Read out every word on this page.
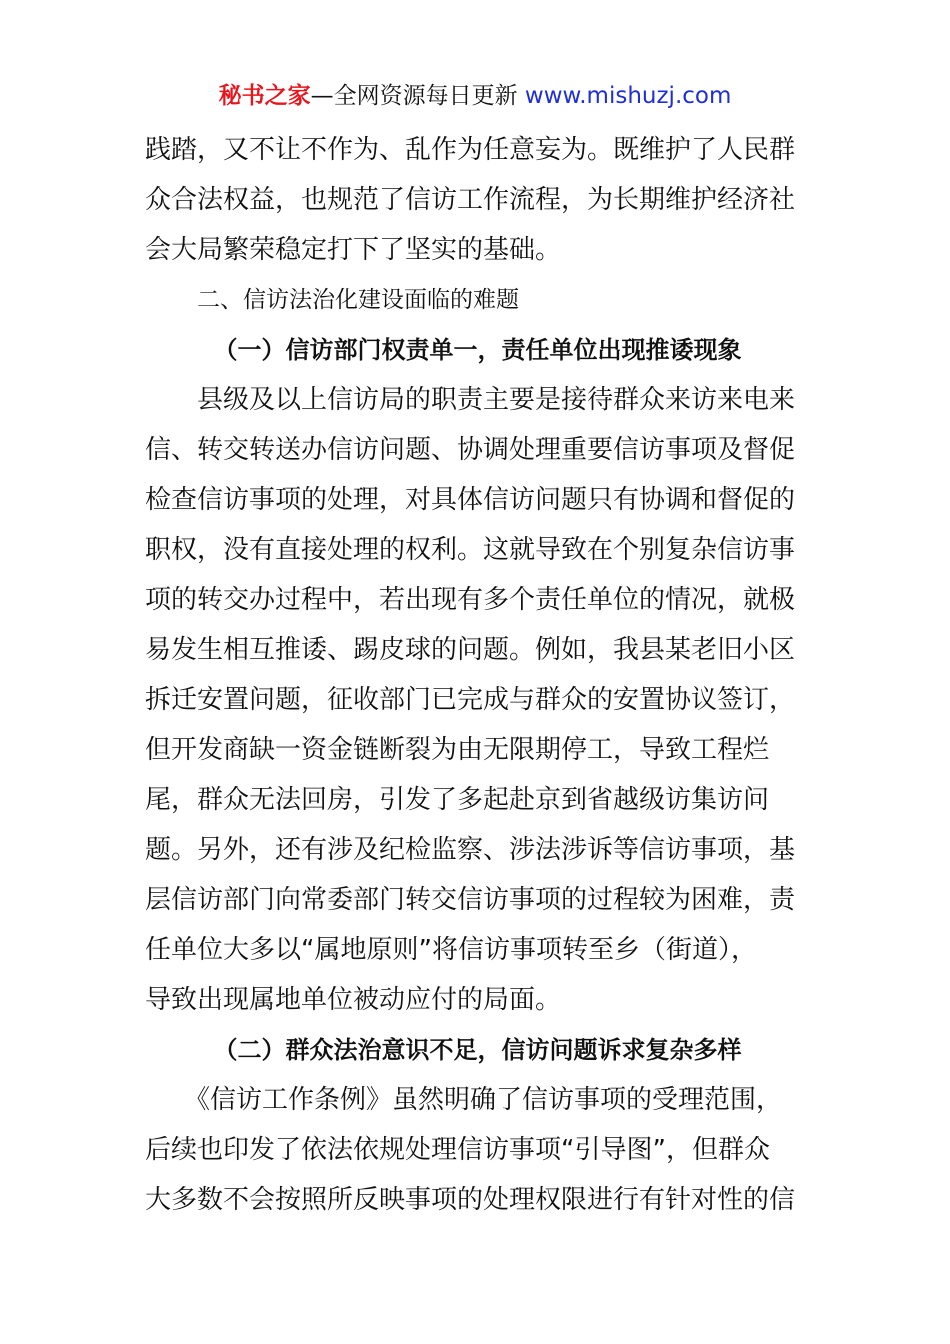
秘书之家—全网资源每日更新 www.mishuzj.com
践踏，又不让不作为、乱作为任意妄为。既维护了人民群
众合法权益，也规范了信访工作流程，为长期维护经济社
会大局繁荣稳定打下了坚实的基础。
二、信访法治化建设面临的难题
（一）信访部门权责单一，责任单位出现推诿现象
　　县级及以上信访局的职责主要是接待群众来访来电来
信、转交转送办信访问题、协调处理重要信访事项及督促
检查信访事项的处理，对具体信访问题只有协调和督促的
职权，没有直接处理的权利。这就导致在个别复杂信访事
项的转交办过程中，若出现有多个责任单位的情况，就极
易发生相互推诿、踢皮球的问题。例如，我县某老旧小区
拆迁安置问题，征收部门已完成与群众的安置协议签订，
但开发商缺一资金链断裂为由无限期停工，导致工程烂
尾，群众无法回房，引发了多起赴京到省越级访集访问
题。另外，还有涉及纪检监察、涉法涉诉等信访事项，基
层信访部门向常委部门转交信访事项的过程较为困难，责
任单位大多以“属地原则”将信访事项转至乡（街道），
导致出现属地单位被动应付的局面。
（二）群众法治意识不足，信访问题诉求复杂多样
　　《信访工作条例》虽然明确了信访事项的受理范围，
后续也印发了依法依规处理信访事项“引导图”，但群众
大多数不会按照所反映事项的处理权限进行有针对性的信
